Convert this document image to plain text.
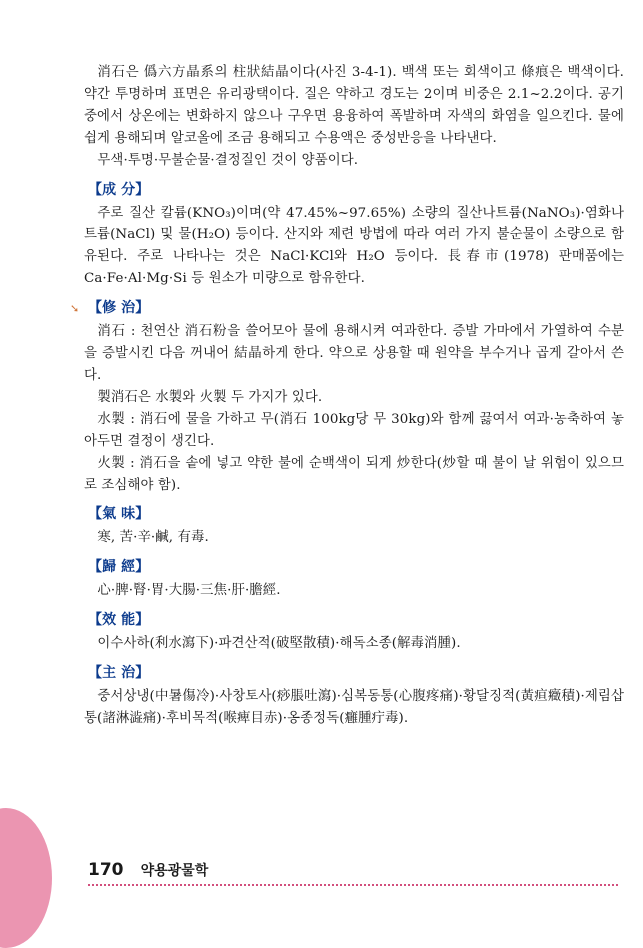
消石은 僞六方晶系의 柱狀結晶이다(사진 3-4-1). 백색 또는 회색이고 條痕은 백색이다. 약간 투명하며 표면은 유리광택이다. 질은 약하고 경도는 2이며 비중은 2.1~2.2이다. 공기 중에서 상온에는 변화하지 않으나 구우면 용융하여 폭발하며 자색의 화염을 일으킨다. 물에 쉽게 용해되며 알코올에 조금 용해되고 수용액은 중성반응을 나타낸다.

무색·투명·무불순물·결정질인 것이 양품이다.

【成 分】

주로 질산 칼륨(KNO₃)이며(약 47.45%~97.65%) 소량의 질산나트륨(NaNO₃)·염화나트륨(NaCl) 및 물(H₂O) 등이다. 산지와 제련 방법에 따라 여러 가지 불순물이 소량으로 함유된다. 주로 나타나는 것은 NaCl·KCl와 H₂O 등이다. 長春市(1978) 판매품에는 Ca·Fe·Al·Mg·Si 등 원소가 미량으로 함유한다.

➘ 【修 治】

消石 : 천연산 消石粉을 쓸어모아 물에 용해시켜 여과한다. 증발 가마에서 가열하여 수분을 증발시킨 다음 꺼내어 結晶하게 한다. 약으로 상용할 때 원약을 부수거나 곱게 갈아서 쓴다.

製消石은 水製와 火製 두 가지가 있다.

水製 : 消石에 물을 가하고 무(消石 100kg당 무 30kg)와 함께 끓여서 여과·농축하여 놓아두면 결정이 생긴다.

火製 : 消石을 솥에 넣고 약한 불에 순백색이 되게 炒한다(炒할 때 불이 날 위험이 있으므로 조심해야 함).

【氣 味】

寒, 苦·辛·鹹, 有毒.

【歸 經】

心·脾·腎·胃·大腸·三焦·肝·膽經.

【效 能】

이수사하(利水瀉下)·파견산적(破堅散積)·해독소종(解毒消腫).

【主 治】

중서상냉(中暑傷冷)·사창토사(痧脹吐瀉)·심복동통(心腹疼痛)·황달징적(黃疸癥積)·제림삽통(諸淋澁痛)·후비목적(喉痺目赤)·옹종정독(癰腫疔毒).

170 약용광물학
